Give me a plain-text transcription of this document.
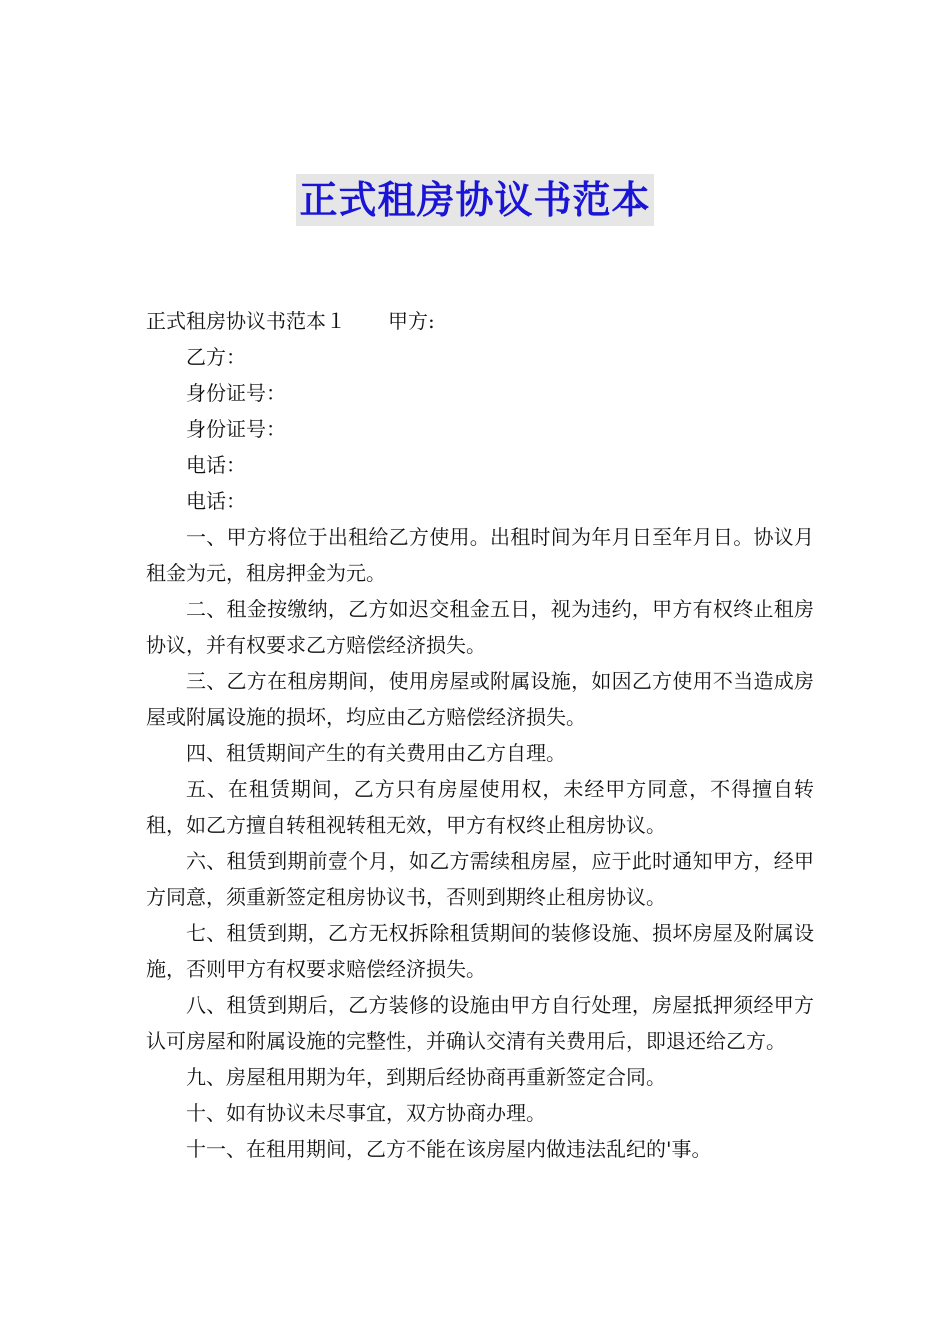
正式租房协议书范本

正式租房协议书范本１ 甲方:

乙方：

身份证号：

身份证号：

电话：

电话：

一、甲方将位于出租给乙方使用。出租时间为年月日至年月日。协议月租金为元，租房押金为元。

二、租金按缴纳，乙方如迟交租金五日，视为违约，甲方有权终止租房协议，并有权要求乙方赔偿经济损失。

三、乙方在租房期间，使用房屋或附属设施，如因乙方使用不当造成房屋或附属设施的损坏，均应由乙方赔偿经济损失。

四、租赁期间产生的有关费用由乙方自理。

五、在租赁期间，乙方只有房屋使用权，未经甲方同意，不得擅自转租，如乙方擅自转租视转租无效，甲方有权终止租房协议。

六、租赁到期前壹个月，如乙方需续租房屋，应于此时通知甲方，经甲方同意，须重新签定租房协议书，否则到期终止租房协议。

七、租赁到期，乙方无权拆除租赁期间的装修设施、损坏房屋及附属设施，否则甲方有权要求赔偿经济损失。

八、租赁到期后，乙方装修的设施由甲方自行处理，房屋抵押须经甲方认可房屋和附属设施的完整性，并确认交清有关费用后，即退还给乙方。

九、房屋租用期为年，到期后经协商再重新签定合同。

十、如有协议未尽事宜，双方协商办理。

十一、在租用期间，乙方不能在该房屋内做违法乱纪的'事。
